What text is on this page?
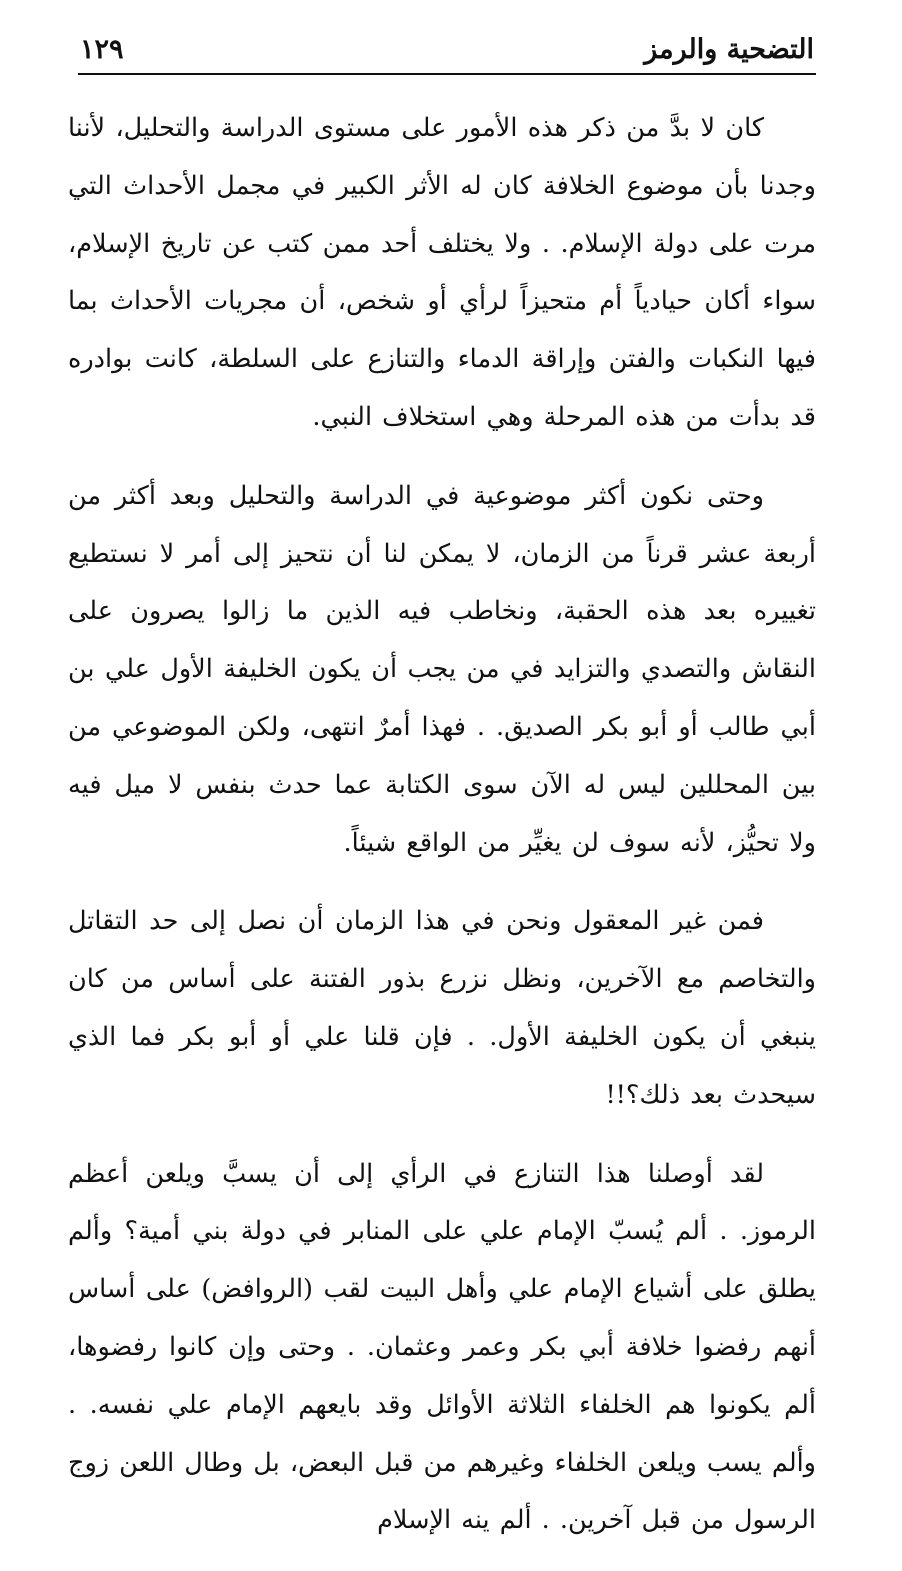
التضحية والرمز
١٢٩

كان لا بدَّ من ذكر هذه الأمور على مستوى الدراسة والتحليل، لأننا وجدنا بأن موضوع الخلافة كان له الأثر الكبير في مجمل الأحداث التي مرت على دولة الإسلام. . ولا يختلف أحد ممن كتب عن تاريخ الإسلام، سواء أكان حيادياً أم متحيزاً لرأي أو شخص، أن مجريات الأحداث بما فيها النكبات والفتن وإراقة الدماء والتنازع على السلطة، كانت بوادره قد بدأت من هذه المرحلة وهي استخلاف النبي.

وحتى نكون أكثر موضوعية في الدراسة والتحليل وبعد أكثر من أربعة عشر قرناً من الزمان، لا يمكن لنا أن نتحيز إلى أمر لا نستطيع تغييره بعد هذه الحقبة، ونخاطب فيه الذين ما زالوا يصرون على النقاش والتصدي والتزايد في من يجب أن يكون الخليفة الأول علي بن أبي طالب أو أبو بكر الصديق. . فهذا أمرٌ انتهى، ولكن الموضوعي من بين المحللين ليس له الآن سوى الكتابة عما حدث بنفس لا ميل فيه ولا تحيُّز، لأنه سوف لن يغيِّر من الواقع شيئاً.

فمن غير المعقول ونحن في هذا الزمان أن نصل إلى حد التقاتل والتخاصم مع الآخرين، ونظل نزرع بذور الفتنة على أساس من كان ينبغي أن يكون الخليفة الأول. . فإن قلنا علي أو أبو بكر فما الذي سيحدث بعد ذلك؟!!

لقد أوصلنا هذا التنازع في الرأي إلى أن يسبَّ ويلعن أعظم الرموز. . ألم يُسبّ الإمام علي على المنابر في دولة بني أمية؟ وألم يطلق على أشياع الإمام علي وأهل البيت لقب (الروافض) على أساس أنهم رفضوا خلافة أبي بكر وعمر وعثمان. . وحتى وإن كانوا رفضوها، ألم يكونوا هم الخلفاء الثلاثة الأوائل وقد بايعهم الإمام علي نفسه. . وألم يسب ويلعن الخلفاء وغيرهم من قبل البعض، بل وطال اللعن زوج الرسول من قبل آخرين. . ألم ينه الإسلام
